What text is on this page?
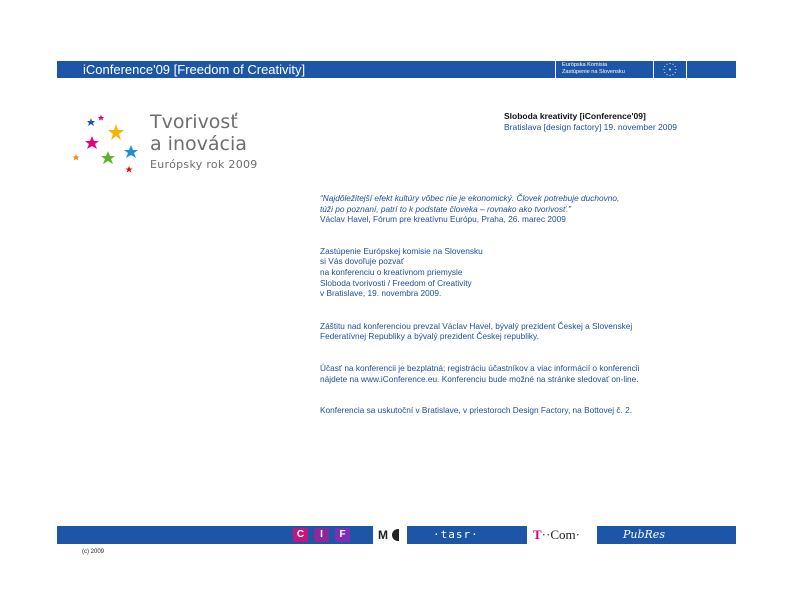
iConference'09 [Freedom of Creativity]	Európska Komisia
Zastúpenie na Slovensku
Tvorivosť
a inovácia
Európsky rok 2009
Sloboda kreativity [iConference'09]
Bratislava [design factory] 19. november 2009

“Najdôležitejší efekt kultúry vôbec nie je ekonomický. Človek potrebuje duchovno,
túži po poznaní, patrí to k podstate človeka – rovnako ako tvorivosť.”

Václav Havel, Fórum pre kreatívnu Európu, Praha, 26. marec 2009

Zastúpenie Európskej komisie na Slovensku
si Vás dovoľuje pozvať
na konferenciu o kreatívnom priemysle
Sloboda tvorivosti / Freedom of Creativity
v Bratislave, 19. novembra 2009.

Záštitu nad konferenciou prevzal Václav Havel, bývalý prezident Českej a Slovenskej
Federatívnej Republiky a bývalý prezident Českej republiky.

Účasť na konferencii je bezplatná; registráciu účastníkov a viac informácií o konferencii
nájdete na www.iConference.eu. Konferenciu bude možné na stránke sledovať on-line.

Konferencia sa uskutoční v Bratislave, v priestoroch Design Factory, na Bottovej č. 2.

C	I	F	M	·tasr·	T··Com·	PubRes
(c) 2009
